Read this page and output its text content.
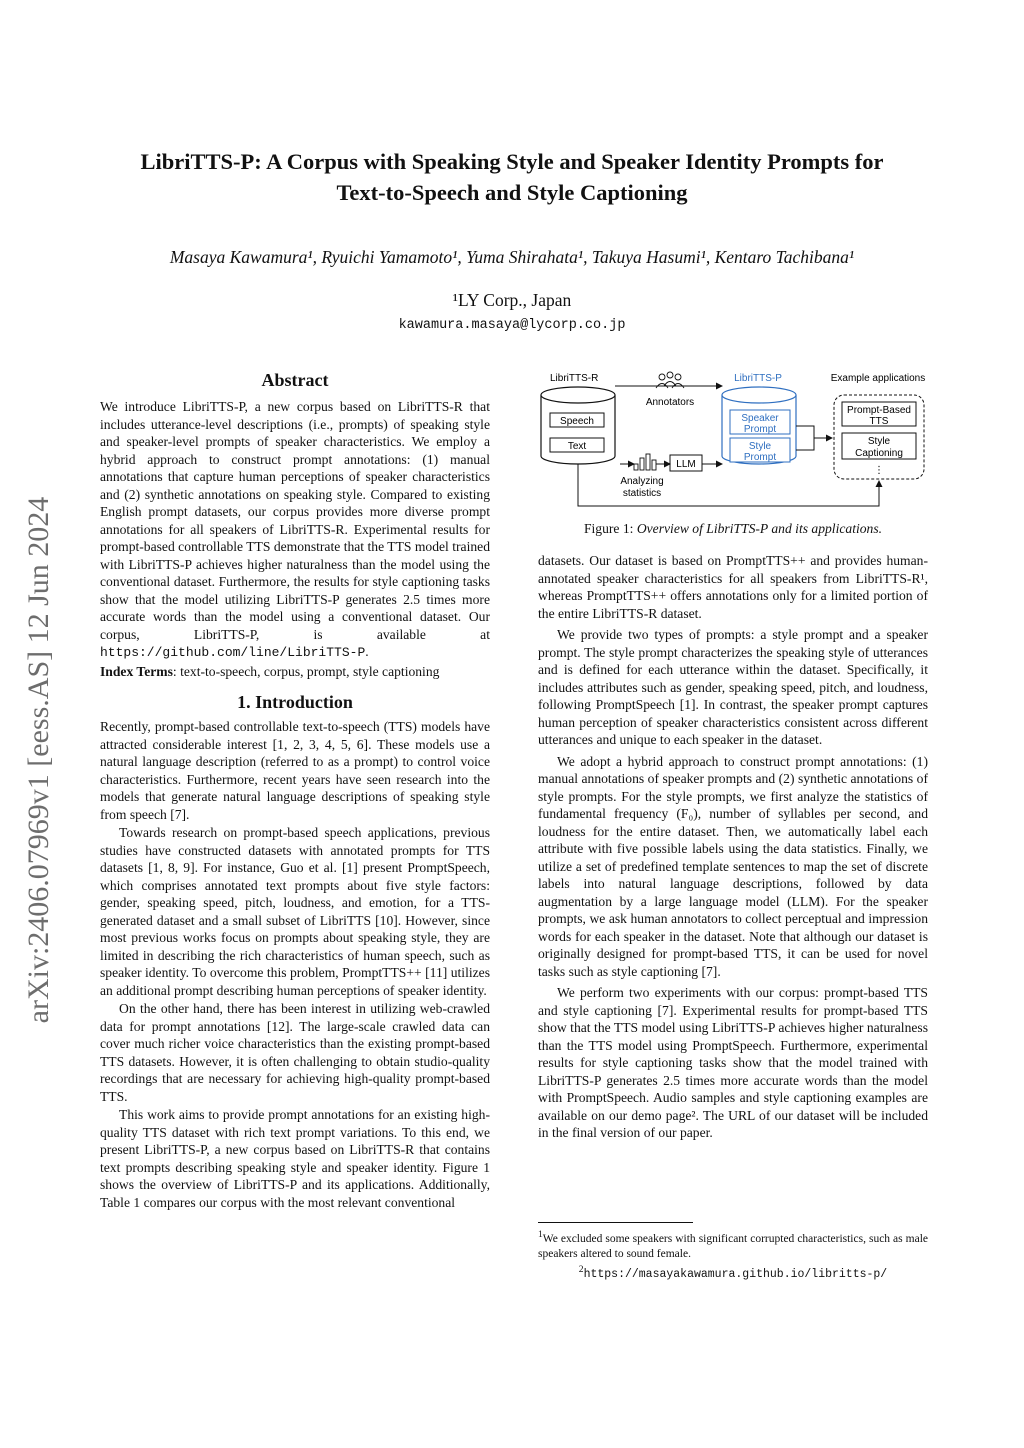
arXiv:2406.07969v1 [eess.AS] 12 Jun 2024
LibriTTS-P: A Corpus with Speaking Style and Speaker Identity Prompts for
Text-to-Speech and Style Captioning
Masaya Kawamura¹, Ryuichi Yamamoto¹, Yuma Shirahata¹, Takuya Hasumi¹, Kentaro Tachibana¹
¹LY Corp., Japan
kawamura.masaya@lycorp.co.jp
Abstract

We introduce LibriTTS-P, a new corpus based on LibriTTS-R that includes utterance-level descriptions (i.e., prompts) of speaking style and speaker-level prompts of speaker characteristics. We employ a hybrid approach to construct prompt annotations: (1) manual annotations that capture human perceptions of speaker characteristics and (2) synthetic annotations on speaking style. Compared to existing English prompt datasets, our corpus provides more diverse prompt annotations for all speakers of LibriTTS-R. Experimental results for prompt-based controllable TTS demonstrate that the TTS model trained with LibriTTS-P achieves higher naturalness than the model using the conventional dataset. Furthermore, the results for style captioning tasks show that the model utilizing LibriTTS-P generates 2.5 times more accurate words than the model using a conventional dataset. Our corpus, LibriTTS-P, is available at https://github.com/line/LibriTTS-P.

Index Terms: text-to-speech, corpus, prompt, style captioning

1. Introduction

Recently, prompt-based controllable text-to-speech (TTS) models have attracted considerable interest [1, 2, 3, 4, 5, 6]. These models use a natural language description (referred to as a prompt) to control voice characteristics. Furthermore, recent years have seen research into the models that generate natural language descriptions of speaking style from speech [7].

Towards research on prompt-based speech applications, previous studies have constructed datasets with annotated prompts for TTS datasets [1, 8, 9]. For instance, Guo et al. [1] present PromptSpeech, which comprises annotated text prompts about five style factors: gender, speaking speed, pitch, loudness, and emotion, for a TTS-generated dataset and a small subset of LibriTTS [10]. However, since most previous works focus on prompts about speaking style, they are limited in describing the rich characteristics of human speech, such as speaker identity. To overcome this problem, PromptTTS++ [11] utilizes an additional prompt describing human perceptions of speaker identity.

On the other hand, there has been interest in utilizing web-crawled data for prompt annotations [12]. The large-scale crawled data can cover much richer voice characteristics than the existing prompt-based TTS datasets. However, it is often challenging to obtain studio-quality recordings that are necessary for achieving high-quality prompt-based TTS.

This work aims to provide prompt annotations for an existing high-quality TTS dataset with rich text prompt variations. To this end, we present LibriTTS-P, a new corpus based on LibriTTS-R that contains text prompts describing speaking style and speaker identity. Figure 1 shows the overview of LibriTTS-P and its applications. Additionally, Table 1 compares our corpus with the most relevant conventional

LibriTTS-R
Speech
Text
Annotators
Analyzing
statistics
LLM
LibriTTS-P
Speaker
Prompt
Style
Prompt
Example applications
Prompt-Based
TTS
Style
Captioning
⋮
Figure 1: Overview of LibriTTS-P and its applications.

datasets. Our dataset is based on PromptTTS++ and provides human-annotated speaker characteristics for all speakers from LibriTTS-R¹, whereas PromptTTS++ offers annotations only for a limited portion of the entire LibriTTS-R dataset.

We provide two types of prompts: a style prompt and a speaker prompt. The style prompt characterizes the speaking style of utterances and is defined for each utterance within the dataset. Specifically, it includes attributes such as gender, speaking speed, pitch, and loudness, following PromptSpeech [1]. In contrast, the speaker prompt captures human perception of speaker characteristics consistent across different utterances and unique to each speaker in the dataset.

We adopt a hybrid approach to construct prompt annotations: (1) manual annotations of speaker prompts and (2) synthetic annotations of style prompts. For the style prompts, we first analyze the statistics of fundamental frequency (F₀), number of syllables per second, and loudness for the entire dataset. Then, we automatically label each attribute with five possible labels using the data statistics. Finally, we utilize a set of predefined template sentences to map the set of discrete labels into natural language descriptions, followed by data augmentation by a large language model (LLM). For the speaker prompts, we ask human annotators to collect perceptual and impression words for each speaker in the dataset. Note that although our dataset is originally designed for prompt-based TTS, it can be used for novel tasks such as style captioning [7].

We perform two experiments with our corpus: prompt-based TTS and style captioning [7]. Experimental results for prompt-based TTS show that the TTS model using LibriTTS-P achieves higher naturalness than the TTS model using PromptSpeech. Furthermore, experimental results for style captioning tasks show that the model trained with LibriTTS-P generates 2.5 times more accurate words than the model with PromptSpeech. Audio samples and style captioning examples are available on our demo page². The URL of our dataset will be included in the final version of our paper.

$^1$We excluded some speakers with significant corrupted characteristics, such as male speakers altered to sound female.

$^2$https://masayakawamura.github.io/libritts-p/
